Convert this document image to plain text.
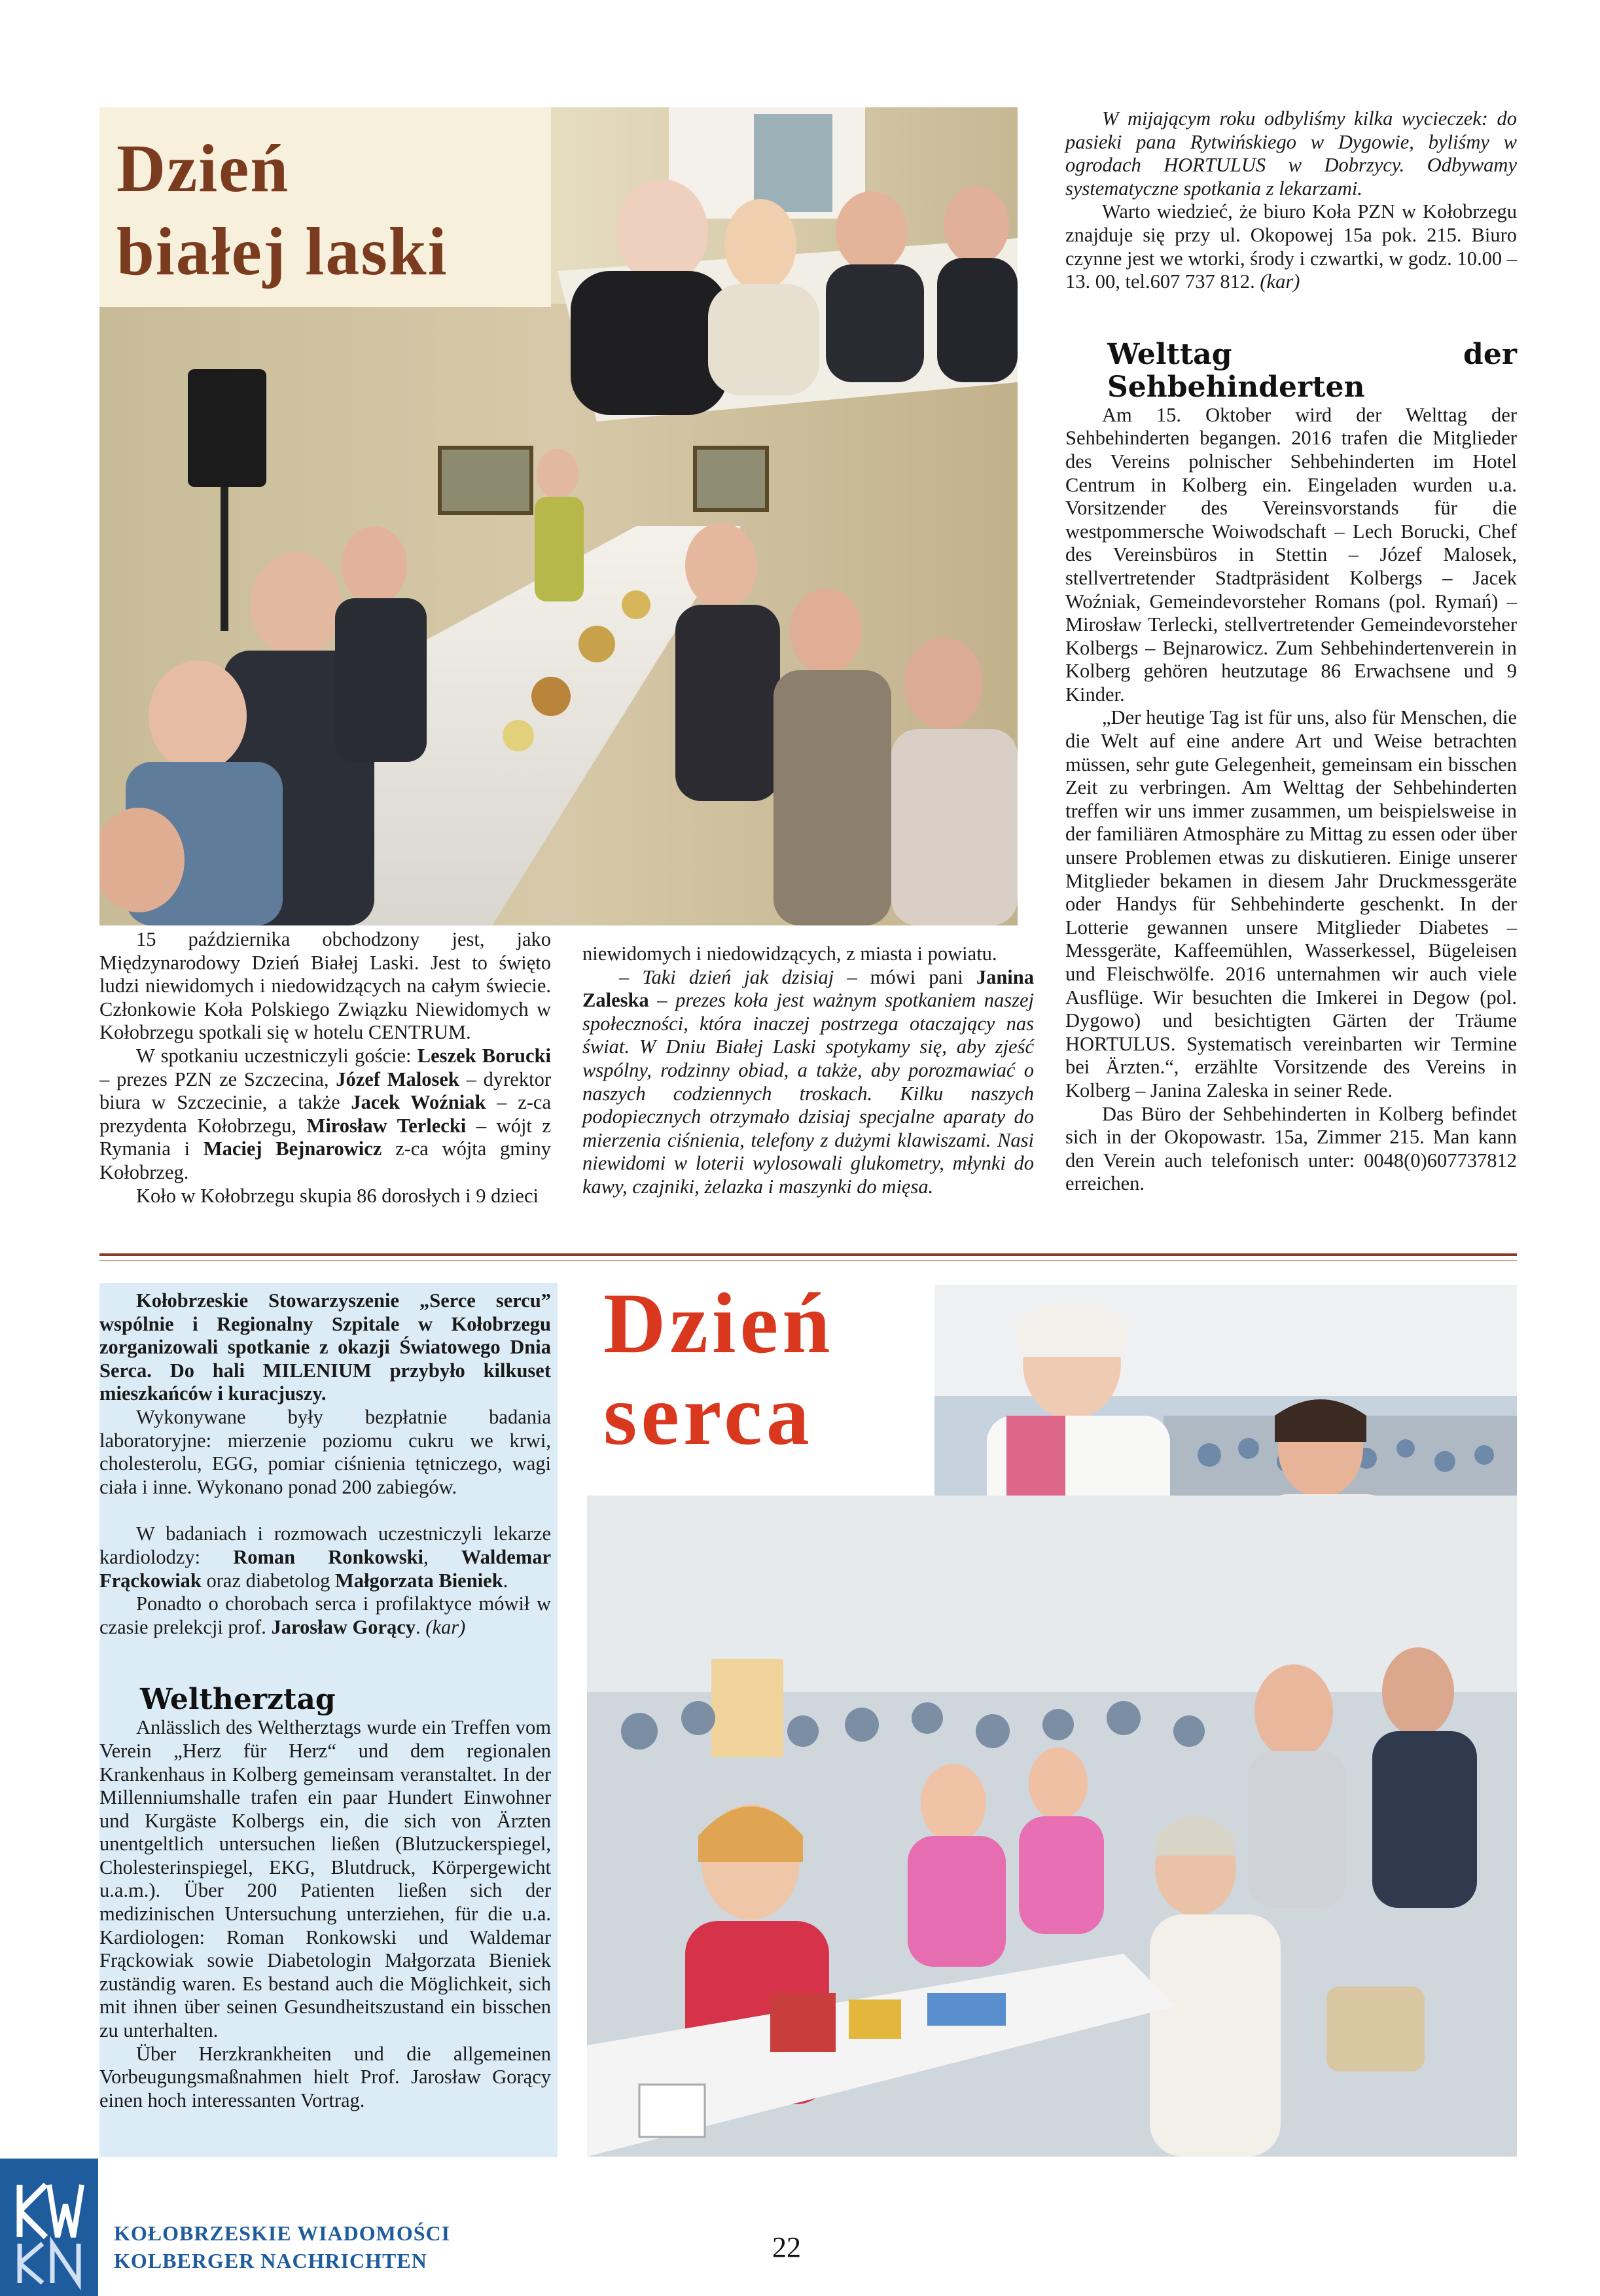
Dzień
białej laski

15 października obchodzony jest, jako Międzynarodowy Dzień Białej Laski. Jest to święto ludzi niewidomych i niedowidzących na całym świecie. Członkowie Koła Polskiego Związku Niewidomych w Kołobrzegu spotkali się w hotelu CENTRUM.

W spotkaniu uczestniczyli goście: Leszek Borucki – prezes PZN ze Szczecina, Józef Malosek – dyrektor biura w Szczecinie, a także Jacek Woźniak – z-ca prezydenta Kołobrzegu, Mirosław Terlecki – wójt z Rymania i Maciej Bejnarowicz z-ca wójta gminy Kołobrzeg.

Koło w Kołobrzegu skupia 86 dorosłych i 9 dzieci

niewidomych i niedowidzących, z miasta i powiatu.

– Taki dzień jak dzisiaj – mówi pani Janina Zaleska – prezes koła jest ważnym spotkaniem naszej społeczności, która inaczej postrzega otaczający nas świat. W Dniu Białej Laski spotykamy się, aby zjeść wspólny, rodzinny obiad, a także, aby porozmawiać o naszych codziennych troskach. Kilku naszych podopiecznych otrzymało dzisiaj specjalne aparaty do mierzenia ciśnienia, telefony z dużymi klawiszami. Nasi niewidomi w loterii wylosowali glukometry, młynki do kawy, czajniki, żelazka i maszynki do mięsa.

W mijającym roku odbyliśmy kilka wycieczek: do pasieki pana Rytwińskiego w Dygowie, byliśmy w ogrodach HORTULUS w Dobrzycy. Odbywamy systematyczne spotkania z lekarzami.

Warto wiedzieć, że biuro Koła PZN w Kołobrzegu znajduje się przy ul. Okopowej 15a pok. 215. Biuro czynne jest we wtorki, środy i czwartki, w godz. 10.00 – 13. 00, tel.607 737 812. (kar)

Welttag der Sehbehinderten

Am 15. Oktober wird der Welttag der Sehbehinderten begangen. 2016 trafen die Mitglieder des Vereins polnischer Sehbehinderten im Hotel Centrum in Kolberg ein. Eingeladen wurden u.a. Vorsitzender des Vereinsvorstands für die westpommersche Woiwodschaft – Lech Borucki, Chef des Vereinsbüros in Stettin – Józef Malosek, stellvertretender Stadtpräsident Kolbergs – Jacek Woźniak, Gemeindevorsteher Romans (pol. Rymań) – Mirosław Terlecki, stellvertretender Gemeindevorsteher Kolbergs – Bejnarowicz. Zum Sehbehindertenverein in Kolberg gehören heutzutage 86 Erwachsene und 9 Kinder.

„Der heutige Tag ist für uns, also für Menschen, die die Welt auf eine andere Art und Weise betrachten müssen, sehr gute Gelegenheit, gemeinsam ein bisschen Zeit zu verbringen. Am Welttag der Sehbehinderten treffen wir uns immer zusammen, um beispielsweise in der familiären Atmosphäre zu Mittag zu essen oder über unsere Problemen etwas zu diskutieren. Einige unserer Mitglieder bekamen in diesem Jahr Druckmessgeräte oder Handys für Sehbehinderte geschenkt. In der Lotterie gewannen unsere Mitglieder Diabetes – Messgeräte, Kaffeemühlen, Wasserkessel, Bügeleisen und Fleischwölfe. 2016 unternahmen wir auch viele Ausflüge. Wir besuchten die Imkerei in Degow (pol. Dygowo) und besichtigten Gärten der Träume HORTULUS. Systematisch vereinbarten wir Termine bei Ärzten.“, erzählte Vorsitzende des Vereins in Kolberg – Janina Zaleska in seiner Rede.

Das Büro der Sehbehinderten in Kolberg befindet sich in der Okopowastr. 15a, Zimmer 215. Man kann den Verein auch telefonisch unter: 0048(0)607737812 erreichen.

Kołobrzeskie Stowarzyszenie „Serce sercu” wspólnie i Regionalny Szpitale w Kołobrzegu zorganizowali spotkanie z okazji Światowego Dnia Serca. Do hali MILENIUM przybyło kilkuset mieszkańców i kuracjuszy.

Wykonywane były bezpłatnie badania laboratoryjne: mierzenie poziomu cukru we krwi, cholesterolu, EGG, pomiar ciśnienia tętniczego, wagi ciała i inne. Wykonano ponad 200 zabiegów.

W badaniach i rozmowach uczestniczyli lekarze kardiolodzy: Roman Ronkowski, Waldemar Frąckowiak oraz diabetolog Małgorzata Bieniek.

Ponadto o chorobach serca i profilaktyce mówił w czasie prelekcji prof. Jarosław Gorący. (kar)

Weltherztag

Anlässlich des Weltherztags wurde ein Treffen vom Verein „Herz für Herz“ und dem regionalen Krankenhaus in Kolberg gemeinsam veranstaltet. In der Millenniumshalle trafen ein paar Hundert Einwohner und Kurgäste Kolbergs ein, die sich von Ärzten unentgeltlich untersuchen ließen (Blutzuckerspiegel, Cholesterinspiegel, EKG, Blutdruck, Körpergewicht u.a.m.). Über 200 Patienten ließen sich der medizinischen Untersuchung unterziehen, für die u.a. Kardiologen: Roman Ronkowski und Waldemar Frąckowiak sowie Diabetologin Małgorzata Bieniek zuständig waren. Es bestand auch die Möglichkeit, sich mit ihnen über seinen Gesundheitszustand ein bisschen zu unterhalten.

Über Herzkrankheiten und die allgemeinen Vorbeugungsmaßnahmen hielt Prof. Jarosław Gorący einen hoch interessanten Vortrag.

Dzień
serca
KOŁOBRZESKIE WIADOMOŚCI
KOLBERGER NACHRICHTEN	22
